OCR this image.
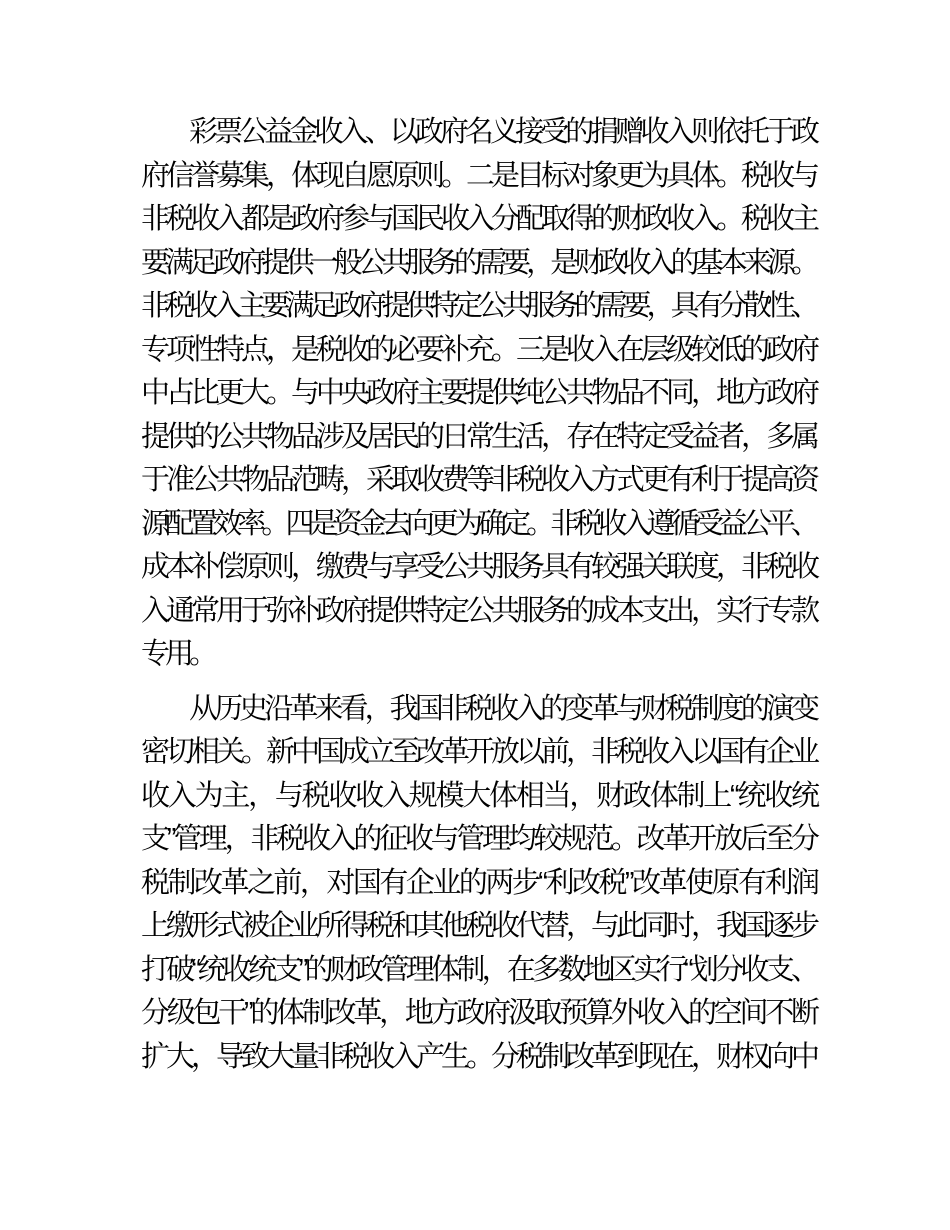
彩票公益金收入、以政府名义接受的捐赠收入则依托于政
府信誉募集，体现自愿原则。二是目标对象更为具体。税收与
非税收入都是政府参与国民收入分配取得的财政收入。税收主
要满足政府提供一般公共服务的需要，是财政收入的基本来源。
非税收入主要满足政府提供特定公共服务的需要，具有分散性、
专项性特点，是税收的必要补充。三是收入在层级较低的政府
中占比更大。与中央政府主要提供纯公共物品不同，地方政府
提供的公共物品涉及居民的日常生活，存在特定受益者，多属
于准公共物品范畴，采取收费等非税收入方式更有利于提高资
源配置效率。四是资金去向更为确定。非税收入遵循受益公平、
成本补偿原则，缴费与享受公共服务具有较强关联度，非税收
入通常用于弥补政府提供特定公共服务的成本支出，实行专款
专用。
从历史沿革来看，我国非税收入的变革与财税制度的演变
密切相关。新中国成立至改革开放以前，非税收入以国有企业
收入为主，与税收收入规模大体相当，财政体制上“统收统
支”管理，非税收入的征收与管理均较规范。改革开放后至分
税制改革之前，对国有企业的两步“利改税”改革使原有利润
上缴形式被企业所得税和其他税收代替，与此同时，我国逐步
打破“统收统支”的财政管理体制，在多数地区实行“划分收支、
分级包干”的体制改革，地方政府汲取预算外收入的空间不断
扩大，导致大量非税收入产生。分税制改革到现在，财权向中
